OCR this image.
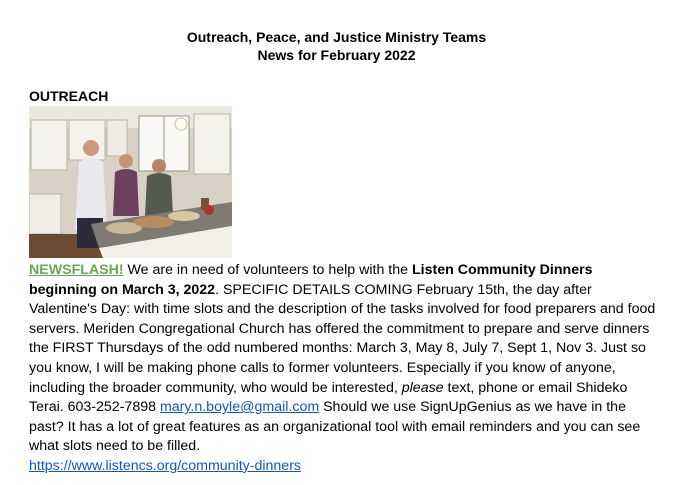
Outreach, Peace, and Justice Ministry Teams
News for February 2022
OUTREACH
NEWSFLASH! We are in need of volunteers to help with the Listen Community Dinners beginning on March 3, 2022. SPECIFIC DETAILS COMING February 15th, the day after Valentine's Day: with time slots and the description of the tasks involved for food preparers and food servers. Meriden Congregational Church has offered the commitment to prepare and serve dinners the FIRST Thursdays of the odd numbered months: March 3, May 8, July 7, Sept 1, Nov 3. Just so you know, I will be making phone calls to former volunteers. Especially if you know of anyone, including the broader community, who would be interested, please text, phone or email Shideko Terai. 603-252-7898 mary.n.boyle@gmail.com Should we use SignUpGenius as we have in the past? It has a lot of great features as an organizational tool with email reminders and you can see what slots need to be filled.
https://www.listencs.org/community-dinners
